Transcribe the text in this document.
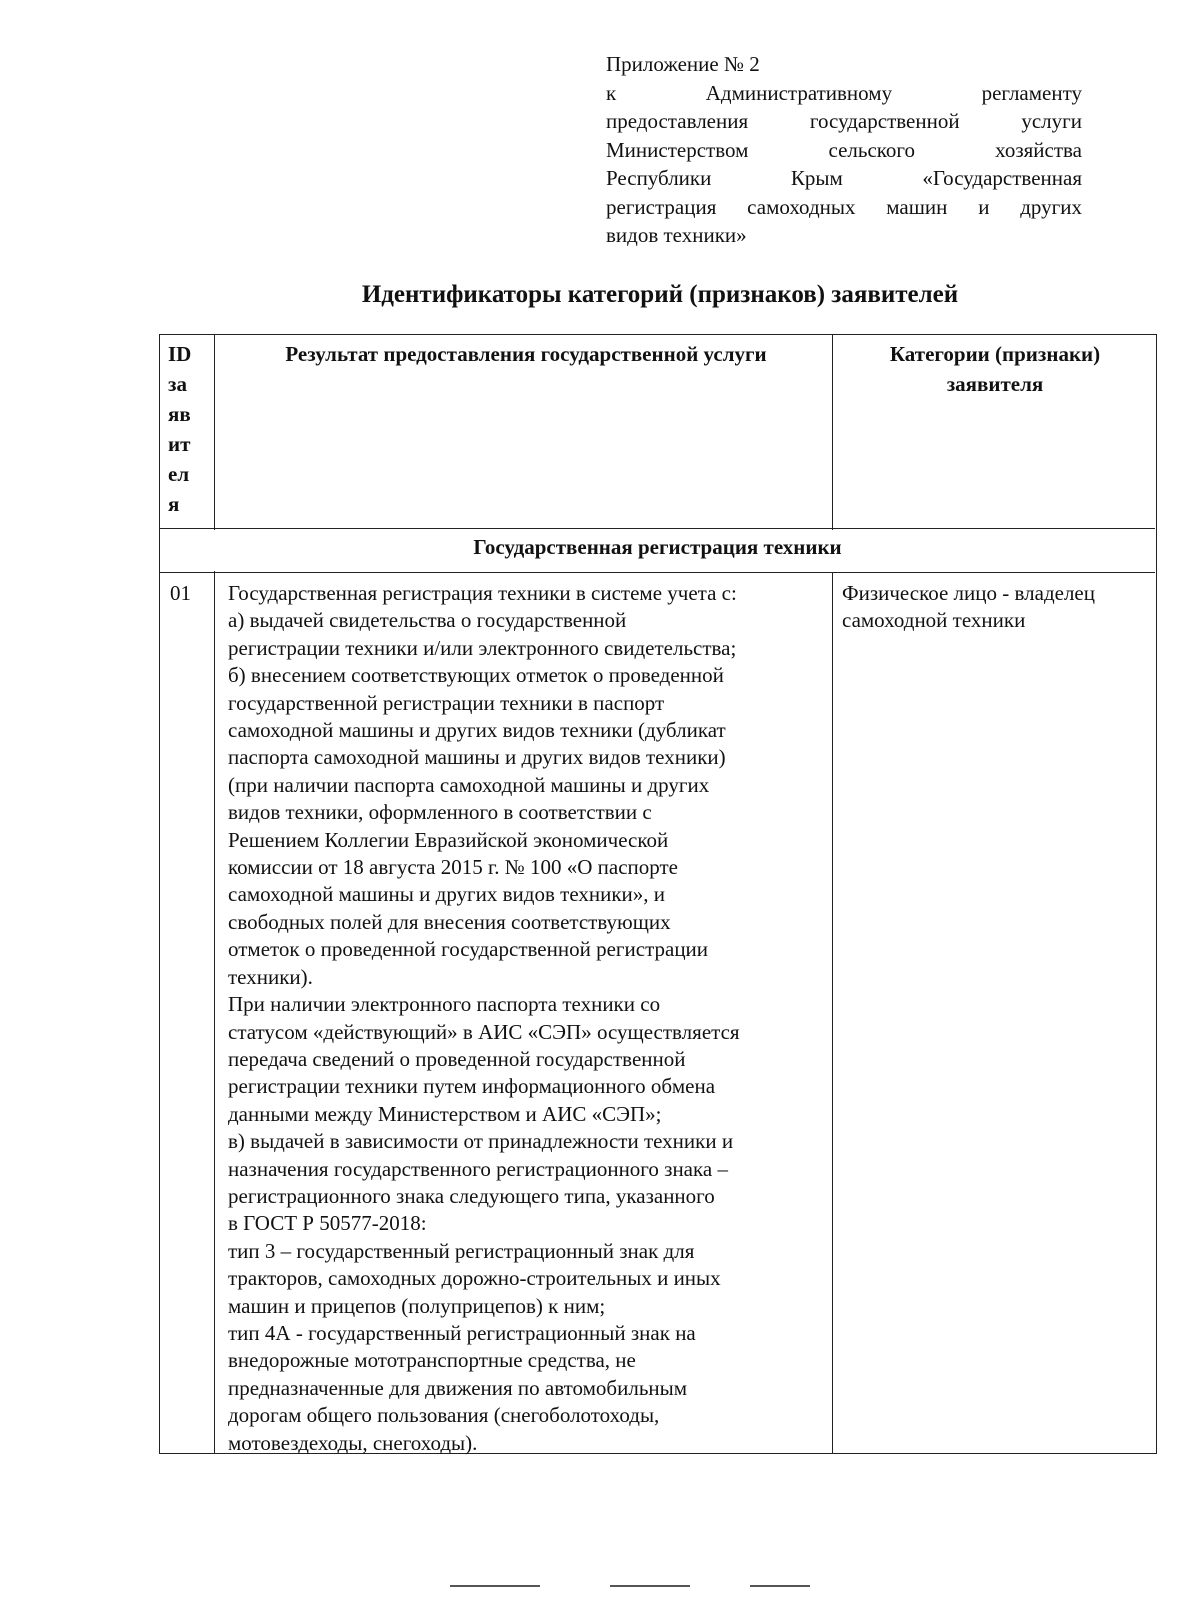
Приложение № 2
к Административному регламенту
предоставления государственной услуги
Министерством сельского хозяйства
Республики Крым «Государственная
регистрация самоходных машин и других
видов техники»
Идентификаторы категорий (признаков) заявителей
ID
за
яв
ит
ел
я
Результат предоставления государственной услуги	Категории (признаки)
заявителя
Государственная регистрация техники
01	Государственная регистрация техники в системе учета с:
а) выдачей свидетельства о государственной
регистрации техники и/или электронного свидетельства;
б) внесением соответствующих отметок о проведенной
государственной регистрации техники в паспорт
самоходной машины и других видов техники (дубликат
паспорта самоходной машины и других видов техники)
(при наличии паспорта самоходной машины и других
видов техники, оформленного в соответствии с
Решением Коллегии Евразийской экономической
комиссии от 18 августа 2015 г. № 100 «О паспорте
самоходной машины и других видов техники», и
свободных полей для внесения соответствующих
отметок о проведенной государственной регистрации
техники).
При наличии электронного паспорта техники со
статусом «действующий» в АИС «СЭП» осуществляется
передача сведений о проведенной государственной
регистрации техники путем информационного обмена
данными между Министерством и АИС «СЭП»;
в) выдачей в зависимости от принадлежности техники и
назначения государственного регистрационного знака –
регистрационного знака следующего типа, указанного
в ГОСТ Р 50577-2018:
тип 3 – государственный регистрационный знак для
тракторов, самоходных дорожно-строительных и иных
машин и прицепов (полуприцепов) к ним;
тип 4А - государственный регистрационный знак на
внедорожные мототранспортные средства, не
предназначенные для движения по автомобильным
дорогам общего пользования (снегоболотоходы,
мотовездеходы, снегоходы).
Физическое лицо - владелец
самоходной техники
